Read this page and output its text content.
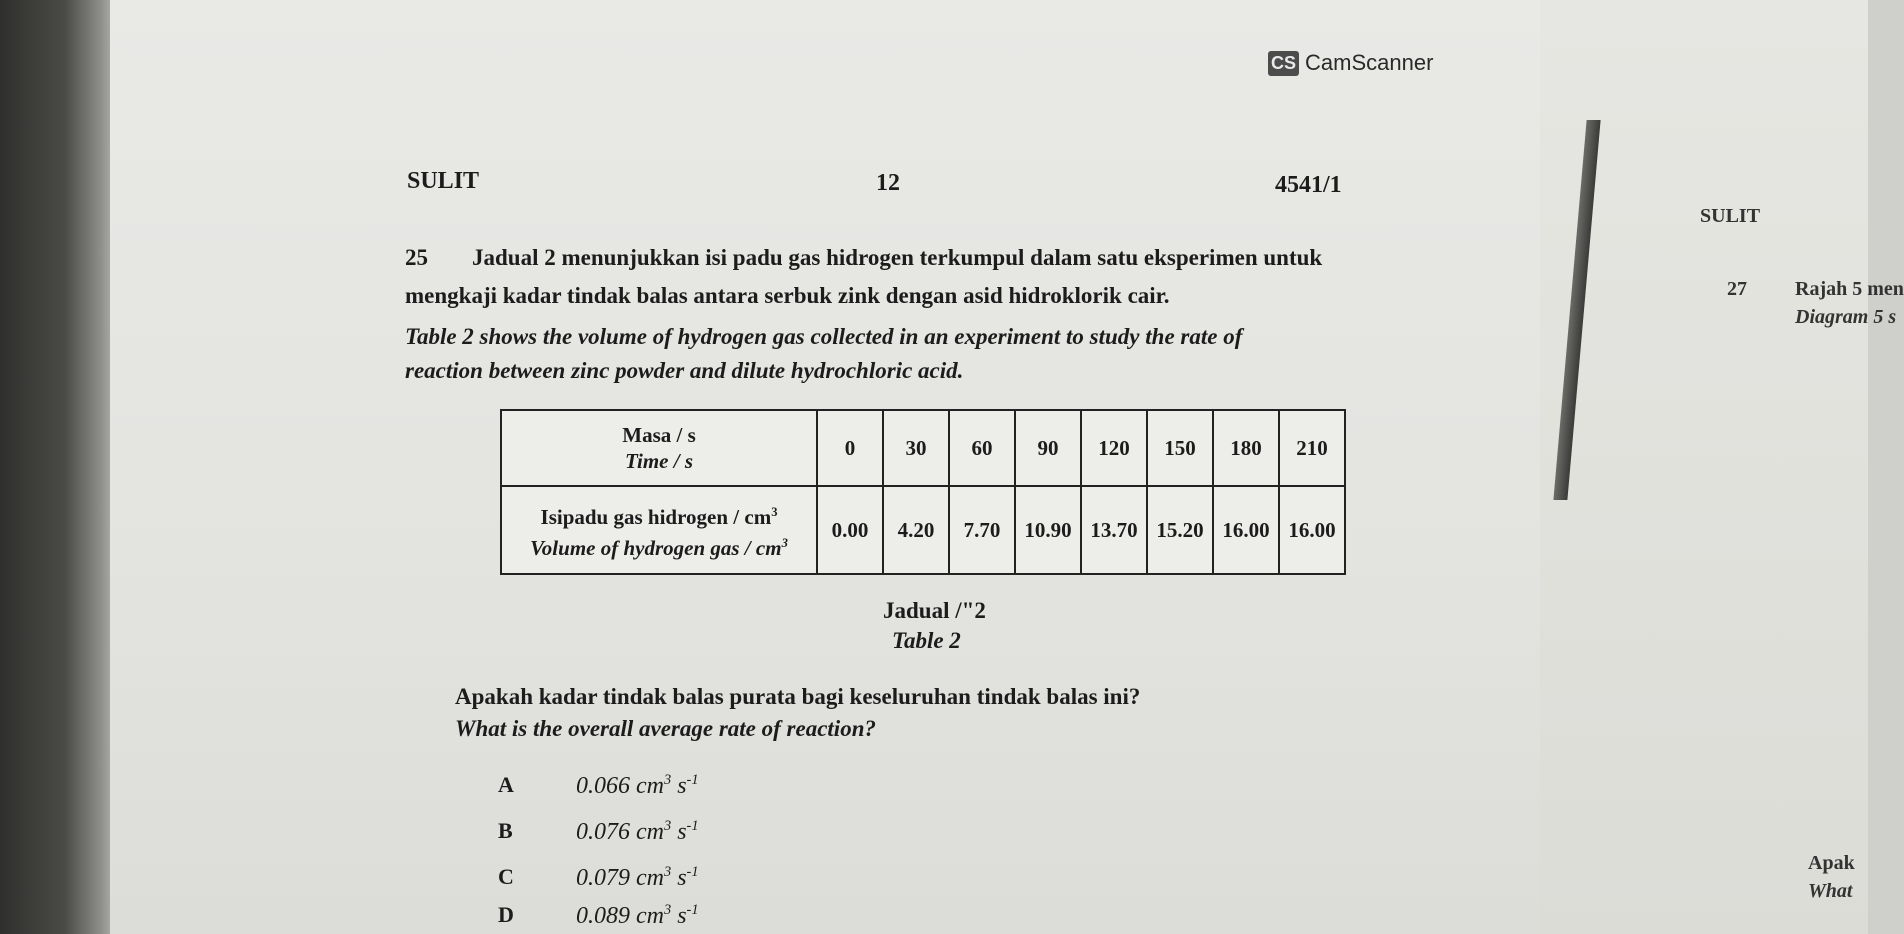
CS CamScanner
SULIT	12	4541/1
25 Jadual 2 menunjukkan isi padu gas hidrogen terkumpul dalam satu eksperimen untuk
mengkaji kadar tindak balas antara serbuk zink dengan asid hidroklorik cair.
Table 2 shows the volume of hydrogen gas collected in an experiment to study the rate of
reaction between zinc powder and dilute hydrochloric acid.
Masa / s
Time / s	0	30	60	90	120	150	180	210

Isipadu gas hidrogen / $cm^3$
Volume of hydrogen gas / $cm^3$	0.00	4.20	7.70	10.90	13.70	15.20	16.00	16.00
Jadual /"2
Table 2
Apakah kadar tindak balas purata bagi keseluruhan tindak balas ini?
What is the overall average rate of reaction?
A	0.066 $cm^3$ $s^{-1}$
B	0.076 $cm^3$ $s^{-1}$
C	0.079 $cm^3$ $s^{-1}$
D	0.089 $cm^3$ $s^{-1}$
SULIT
27 Rajah 5 men
Diagram 5 s
Apak
What
